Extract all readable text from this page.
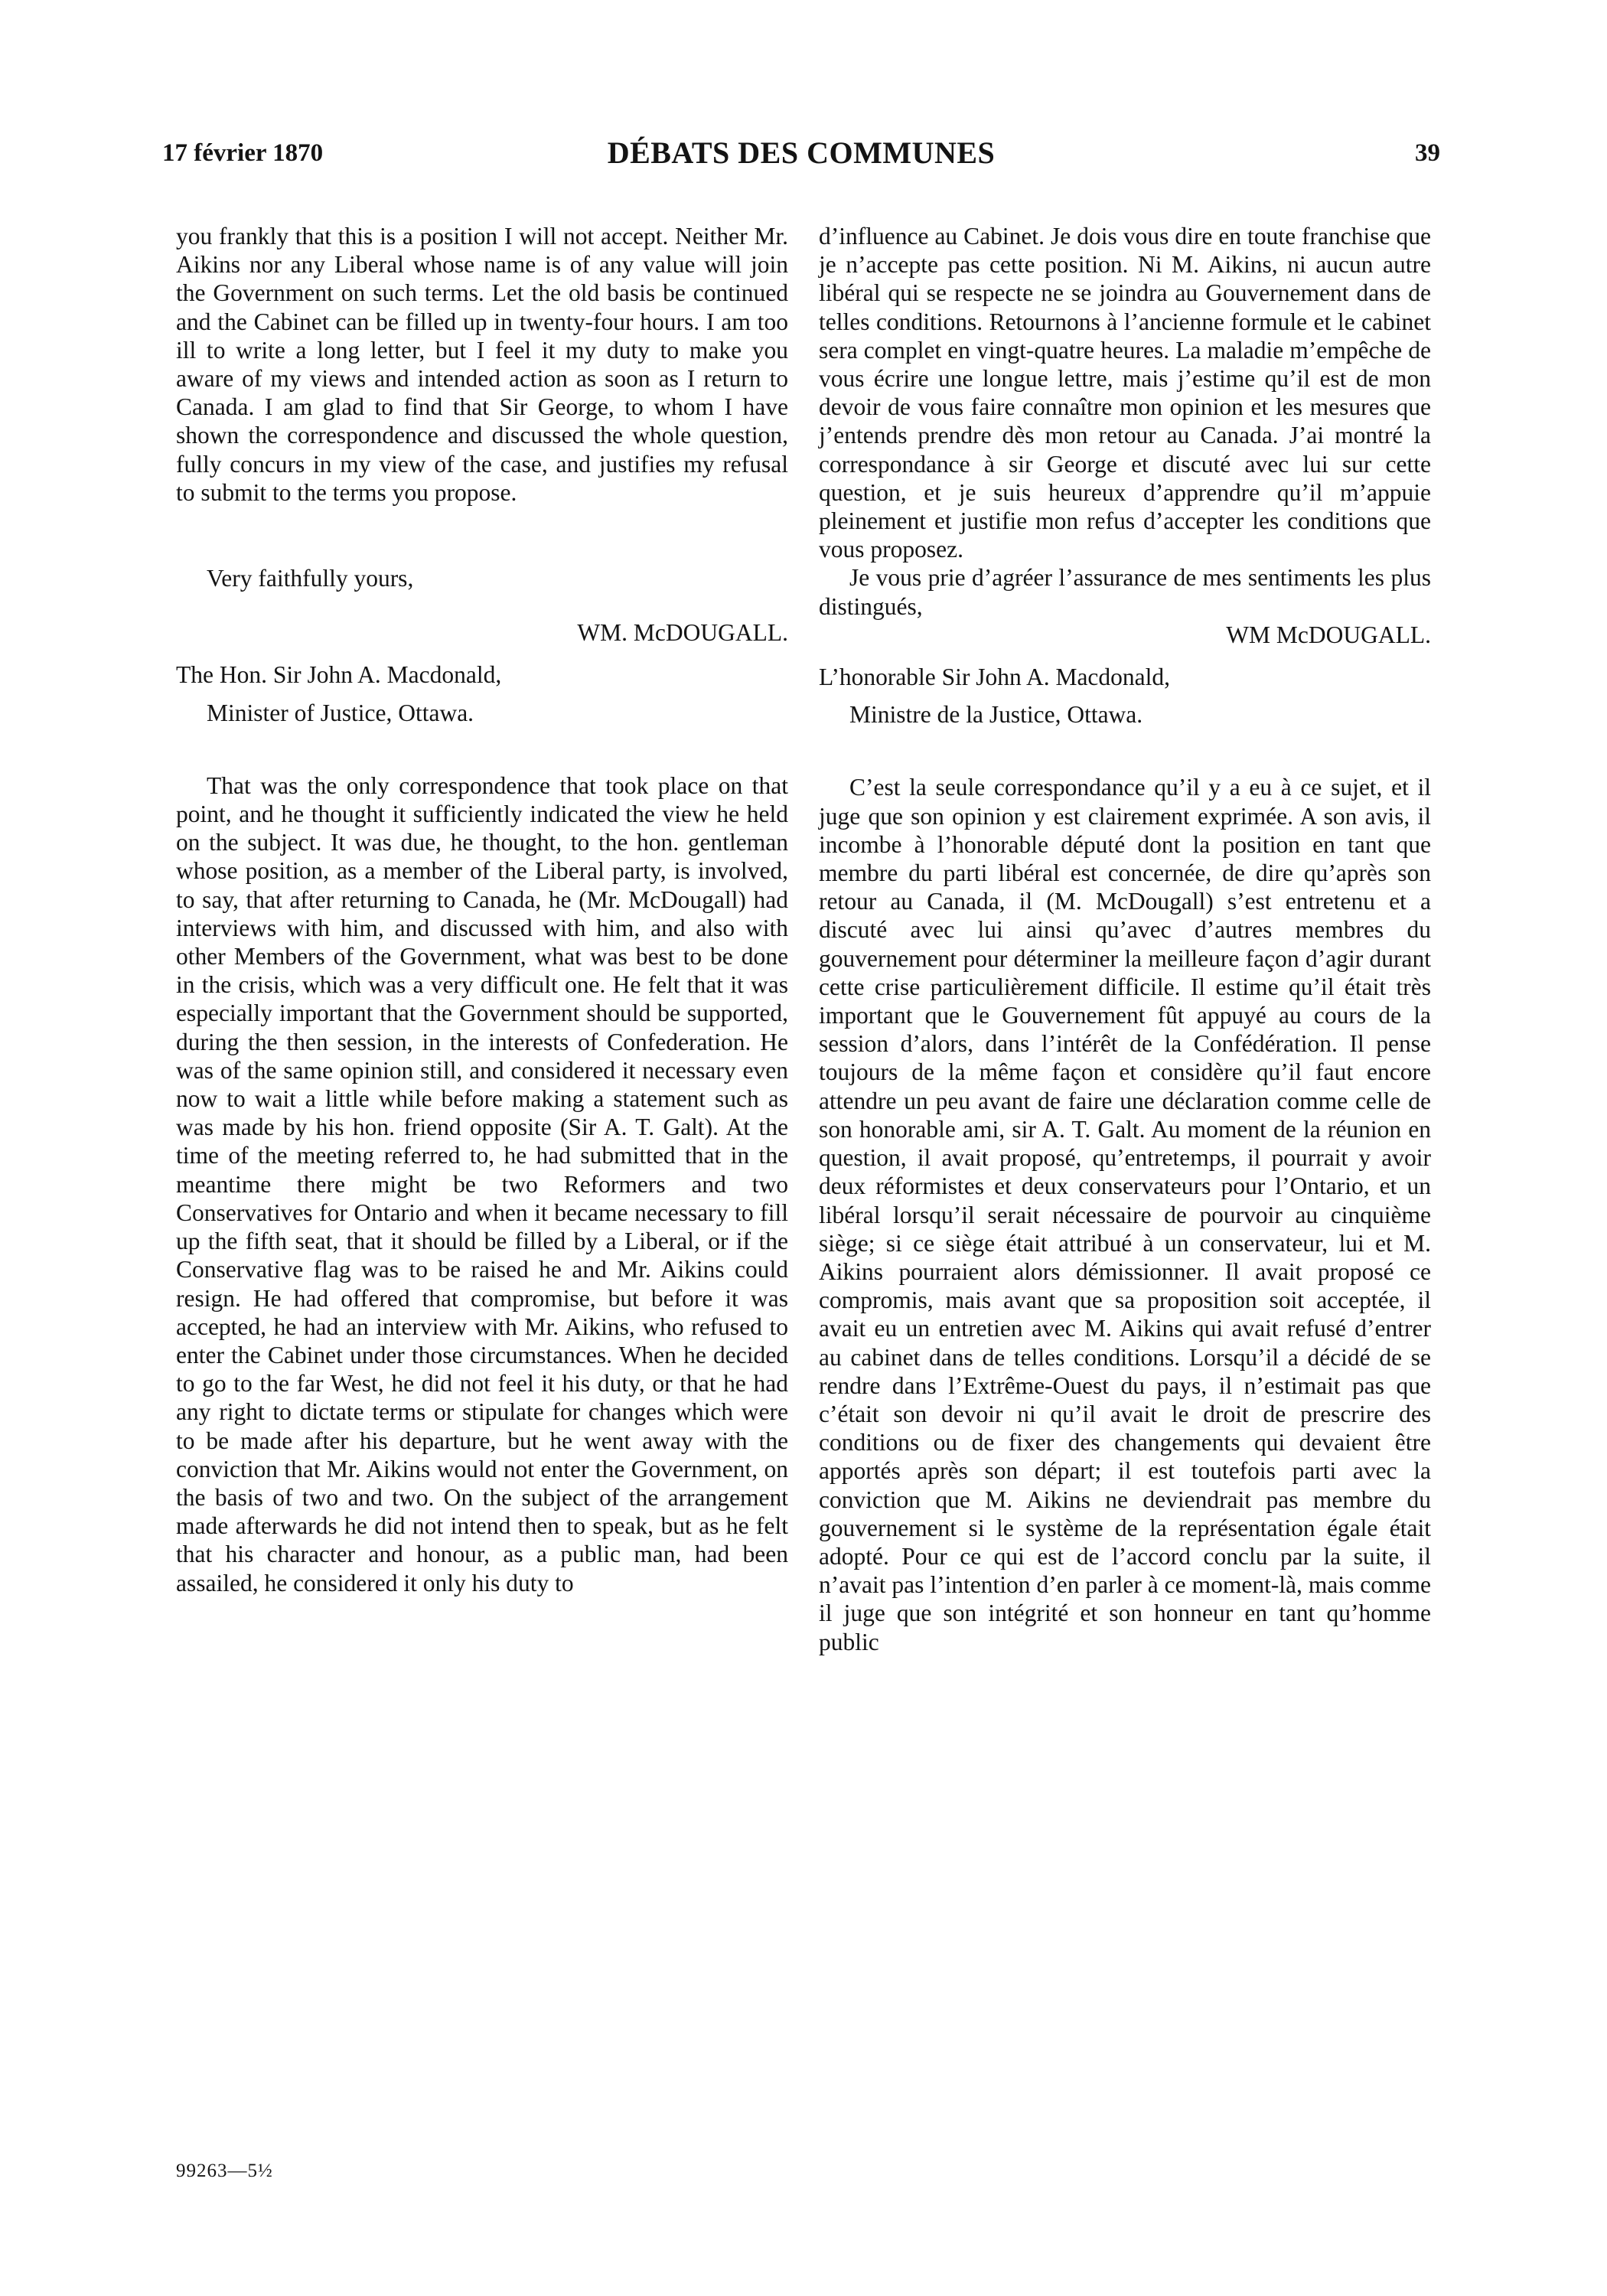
17 février 1870	DÉBATS DES COMMUNES	39

you frankly that this is a position I will not accept. Neither Mr. Aikins nor any Liberal whose name is of any value will join the Government on such terms. Let the old basis be continued and the Cabinet can be filled up in twenty-four hours. I am too ill to write a long letter, but I feel it my duty to make you aware of my views and intended action as soon as I return to Canada. I am glad to find that Sir George, to whom I have shown the correspondence and discussed the whole question, fully concurs in my view of the case, and justifies my refusal to submit to the terms you propose.

Very faithfully yours,

WM. McDOUGALL.

The Hon. Sir John A. Macdonald,

Minister of Justice, Ottawa.

That was the only correspondence that took place on that point, and he thought it sufficiently indicated the view he held on the subject. It was due, he thought, to the hon. gentleman whose position, as a member of the Liberal party, is involved, to say, that after returning to Canada, he (Mr. McDougall) had interviews with him, and discussed with him, and also with other Members of the Government, what was best to be done in the crisis, which was a very difficult one. He felt that it was especially important that the Government should be supported, during the then session, in the interests of Confederation. He was of the same opinion still, and considered it necessary even now to wait a little while before making a statement such as was made by his hon. friend opposite (Sir A. T. Galt). At the time of the meeting referred to, he had submitted that in the meantime there might be two Reformers and two Conservatives for Ontario and when it became necessary to fill up the fifth seat, that it should be filled by a Liberal, or if the Conservative flag was to be raised he and Mr. Aikins could resign. He had offered that compromise, but before it was accepted, he had an interview with Mr. Aikins, who refused to enter the Cabinet under those circumstances. When he decided to go to the far West, he did not feel it his duty, or that he had any right to dictate terms or stipulate for changes which were to be made after his departure, but he went away with the conviction that Mr. Aikins would not enter the Government, on the basis of two and two. On the subject of the arrangement made afterwards he did not intend then to speak, but as he felt that his character and honour, as a public man, had been assailed, he considered it only his duty to

d’influence au Cabinet. Je dois vous dire en toute franchise que je n’accepte pas cette position. Ni M. Aikins, ni aucun autre libéral qui se respecte ne se joindra au Gouvernement dans de telles conditions. Retournons à l’ancienne formule et le cabinet sera complet en vingt-quatre heures. La maladie m’empêche de vous écrire une longue lettre, mais j’estime qu’il est de mon devoir de vous faire connaître mon opinion et les mesures que j’entends prendre dès mon retour au Canada. J’ai montré la correspondance à sir George et discuté avec lui sur cette question, et je suis heureux d’apprendre qu’il m’appuie pleinement et justifie mon refus d’accepter les conditions que vous proposez.

Je vous prie d’agréer l’assurance de mes sentiments les plus distingués,

WM McDOUGALL.

L’honorable Sir John A. Macdonald,

Ministre de la Justice, Ottawa.

C’est la seule correspondance qu’il y a eu à ce sujet, et il juge que son opinion y est clairement exprimée. A son avis, il incombe à l’honorable député dont la position en tant que membre du parti libéral est concernée, de dire qu’après son retour au Canada, il (M. McDougall) s’est entretenu et a discuté avec lui ainsi qu’avec d’autres membres du gouvernement pour déterminer la meilleure façon d’agir durant cette crise particulièrement difficile. Il estime qu’il était très important que le Gouvernement fût appuyé au cours de la session d’alors, dans l’intérêt de la Confédération. Il pense toujours de la même façon et considère qu’il faut encore attendre un peu avant de faire une déclaration comme celle de son honorable ami, sir A. T. Galt. Au moment de la réunion en question, il avait proposé, qu’entretemps, il pourrait y avoir deux réformistes et deux conservateurs pour l’Ontario, et un libéral lorsqu’il serait nécessaire de pourvoir au cinquième siège; si ce siège était attribué à un conservateur, lui et M. Aikins pourraient alors démissionner. Il avait proposé ce compromis, mais avant que sa proposition soit acceptée, il avait eu un entretien avec M. Aikins qui avait refusé d’entrer au cabinet dans de telles conditions. Lorsqu’il a décidé de se rendre dans l’Extrême-Ouest du pays, il n’estimait pas que c’était son devoir ni qu’il avait le droit de prescrire des conditions ou de fixer des changements qui devaient être apportés après son départ; il est toutefois parti avec la conviction que M. Aikins ne deviendrait pas membre du gouvernement si le système de la représentation égale était adopté. Pour ce qui est de l’accord conclu par la suite, il n’avait pas l’intention d’en parler à ce moment-là, mais comme il juge que son intégrité et son honneur en tant qu’homme public

99263—5½
